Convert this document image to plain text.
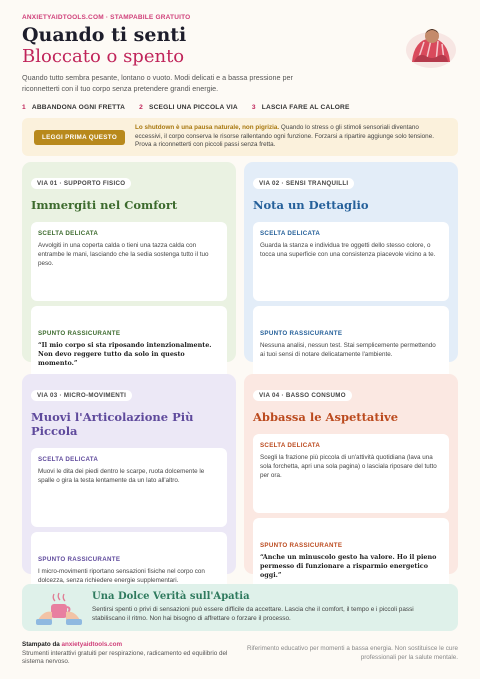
ANXIETYAIDTOOLS.COM · STAMPABILE GRATUITO
Quando ti senti
Bloccato o spento
Quando tutto sembra pesante, lontano o vuoto. Modi delicati e a bassa pressione per riconnetterti con il tuo corpo senza pretendere grandi energie.
1 ABBANDONA OGNI FRETTA 2 SCEGLI UNA PICCOLA VIA 3 LASCIA FARE AL CALORE
LEGGI PRIMA QUESTO
Lo shutdown è una pausa naturale, non pigrizia. Quando lo stress o gli stimoli sensoriali diventano eccessivi, il corpo conserva le risorse rallentando ogni funzione. Forzarsi a ripartire aggiunge solo tensione. Prova a riconnetterti con piccoli passi senza fretta.
VIA 01 · SUPPORTO FISICO
Immergiti nel Comfort
SCELTA DELICATA
Avvolgiti in una coperta calda o tieni una tazza calda con entrambe le mani, lasciando che la sedia sostenga tutto il tuo peso.
SPUNTO RASSICURANTE
“Il mio corpo si sta riposando intenzionalmente. Non devo reggere tutto da solo in questo momento.”
VIA 02 · SENSI TRANQUILLI
Nota un Dettaglio
SCELTA DELICATA
Guarda la stanza e individua tre oggetti dello stesso colore, o tocca una superficie con una consistenza piacevole vicino a te.
SPUNTO RASSICURANTE
Nessuna analisi, nessun test. Stai semplicemente permettendo ai tuoi sensi di notare delicatamente l'ambiente.
VIA 03 · MICRO-MOVIMENTI
Muovi l'Articolazione Più Piccola
SCELTA DELICATA
Muovi le dita dei piedi dentro le scarpe, ruota dolcemente le spalle o gira la testa lentamente da un lato all'altro.
SPUNTO RASSICURANTE
I micro-movimenti riportano sensazioni fisiche nel corpo con dolcezza, senza richiedere energie supplementari.
VIA 04 · BASSO CONSUMO
Abbassa le Aspettative
SCELTA DELICATA
Scegli la frazione più piccola di un'attività quotidiana (lava una sola forchetta, apri una sola pagina) o lasciala riposare del tutto per ora.
SPUNTO RASSICURANTE
“Anche un minuscolo gesto ha valore. Ho il pieno permesso di funzionare a risparmio energetico oggi.”
Una Dolce Verità sull'Apatia
Sentirsi spenti o privi di sensazioni può essere difficile da accettare. Lascia che il comfort, il tempo e i piccoli passi stabiliscano il ritmo. Non hai bisogno di affrettare o forzare il processo.
Stampato da anxietyaidtools.com
Strumenti interattivi gratuiti per respirazione, radicamento ed equilibrio del sistema nervoso.
Riferimento educativo per momenti a bassa energia. Non sostituisce le cure professionali per la salute mentale.
